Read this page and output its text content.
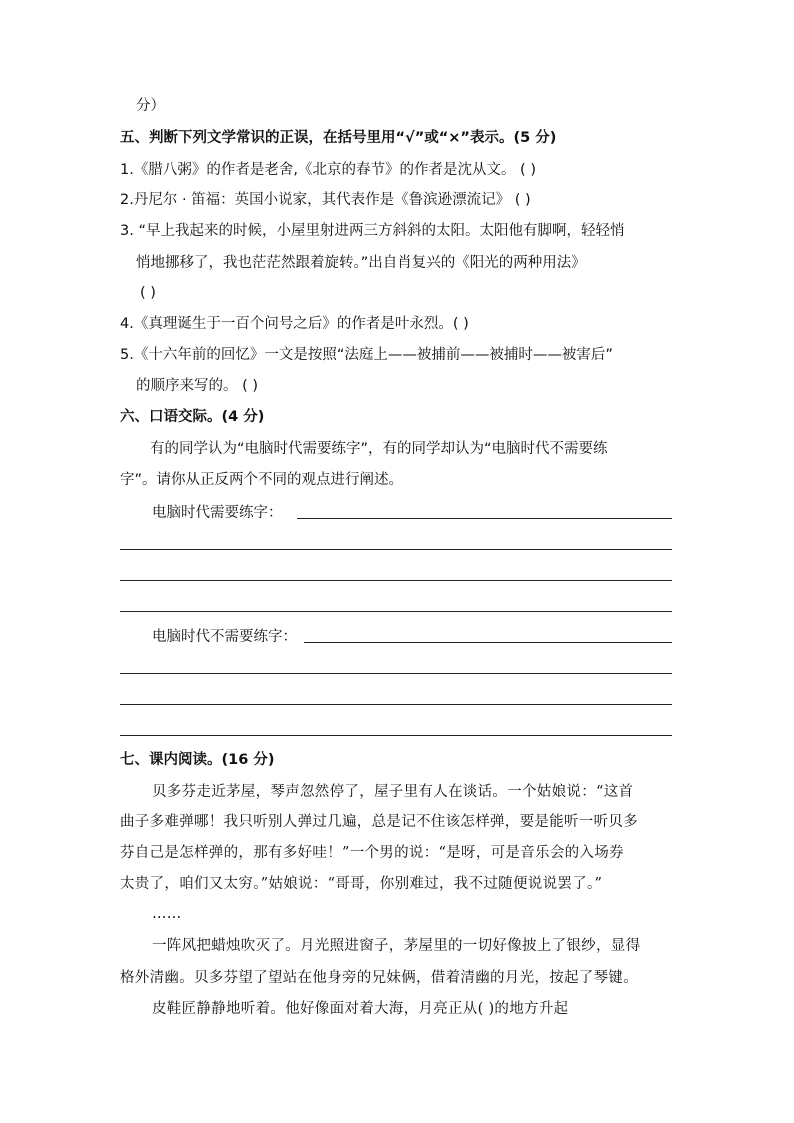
分）
五、判断下列文学常识的正误，在括号里用“√”或“×”表示。(5 分)
1.《腊八粥》的作者是老舍,《北京的春节》的作者是沈从文。 ( )
2.丹尼尔 · 笛福：英国小说家，其代表作是《鲁滨逊漂流记》 ( )
3. “早上我起来的时候，小屋里射进两三方斜斜的太阳。太阳他有脚啊，轻轻悄
悄地挪移了，我也茫茫然跟着旋转。”出自肖复兴的《阳光的两种用法》
( )
4.《真理诞生于一百个问号之后》的作者是叶永烈。( )
5.《十六年前的回忆》一文是按照“法庭上——被捕前——被捕时——被害后”
的顺序来写的。 ( )
六、口语交际。(4 分)
有的同学认为“电脑时代需要练字”，有的同学却认为“电脑时代不需要练
字”。请你从正反两个不同的观点进行阐述。
电脑时代需要练字：
电脑时代不需要练字：
七、课内阅读。(16 分)
贝多芬走近茅屋，琴声忽然停了，屋子里有人在谈话。一个姑娘说：“这首
曲子多难弹哪！我只听别人弹过几遍，总是记不住该怎样弹，要是能听一听贝多
芬自己是怎样弹的，那有多好哇！”一个男的说：“是呀，可是音乐会的入场券
太贵了，咱们又太穷。”姑娘说：“哥哥，你别难过，我不过随便说说罢了。”
……
一阵风把蜡烛吹灭了。月光照进窗子，茅屋里的一切好像披上了银纱，显得
格外清幽。贝多芬望了望站在他身旁的兄妹俩，借着清幽的月光，按起了琴键。
皮鞋匠静静地听着。他好像面对着大海，月亮正从( )的地方升起
